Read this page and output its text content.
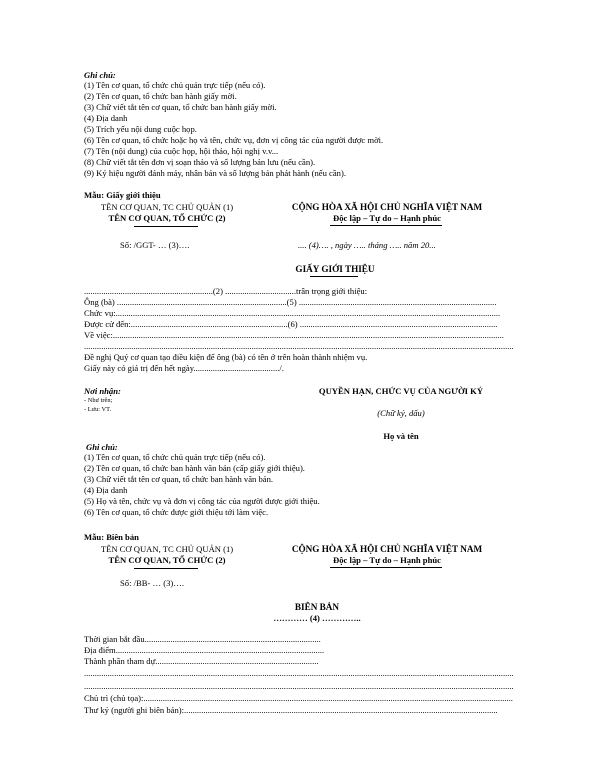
Ghi chú:
(1) Tên cơ quan, tổ chức chủ quản trực tiếp (nếu có).
(2) Tên cơ quan, tổ chức ban hành giấy mời.
(3) Chữ viết tắt tên cơ quan, tổ chức ban hành giấy mời.
(4) Địa danh
(5) Trích yếu nội dung cuộc họp.
(6) Tên cơ quan, tổ chức hoặc họ và tên, chức vụ, đơn vị công tác của người được mời.
(7) Tên (nội dung) của cuộc họp, hội thảo, hội nghị v.v...
(8) Chữ viết tắt tên đơn vị soạn thảo và số lượng bản lưu (nếu cần).
(9) Ký hiệu người đánh máy, nhân bản và số lượng bản phát hành (nếu cần).
Mẫu: Giấy giới thiệu
TÊN CƠ QUAN, TC CHỦ QUẢN (1)
TÊN CƠ QUAN, TỔ CHỨC (2)
CỘNG HÒA XÃ HỘI CHỦ NGHĨA VIỆT NAM
Độc lập – Tự do – Hạnh phúc
Số: /GGT- … (3)….	.... (4)…. , ngày ….. tháng ….. năm 20...
GIẤY GIỚI THIỆU
............................................................(2) .................................trân trọng giới thiệu:
Ông (bà) ...............................................................................(5) ............................................................................................
Chức vụ:...................................................................................................................................................................................
Được cử đến:.........................................................................(6) ............................................................................................
Về việc:......................................................................................................................................................................................
........................................................................................................................................................................................................
Đề nghị Quý cơ quan tạo điều kiện để ông (bà) có tên ở trên hoàn thành nhiệm vụ.
Giấy này có giá trị đến hết ngày......................................../.
Nơi nhận:
- Như trên;
- Lưu: VT.
QUYỀN HẠN, CHỨC VỤ CỦA NGƯỜI KÝ
(Chữ ký, dấu)
Họ và tên
Ghi chú:
(1) Tên cơ quan, tổ chức chủ quản trực tiếp (nếu có).
(2) Tên cơ quan, tổ chức ban hành văn bản (cấp giấy giới thiệu).
(3) Chữ viết tắt tên cơ quan, tổ chức ban hành văn bản.
(4) Địa danh
(5) Họ và tên, chức vụ và đơn vị công tác của người được giới thiệu.
(6) Tên cơ quan, tổ chức được giới thiệu tới làm việc.
Mẫu: Biên bản
TÊN CƠ QUAN, TC CHỦ QUẢN (1)
TÊN CƠ QUAN, TỔ CHỨC (2)
CỘNG HÒA XÃ HỘI CHỦ NGHĨA VIỆT NAM
Độc lập – Tự do – Hạnh phúc
Số: /BB- … (3)….
BIÊN BẢN
………… (4) …………..
Thời gian bắt đầu..................................................................................
Địa điểm.................................................................................................
Thành phần tham dự............................................................................
........................................................................................................................................................................................................
........................................................................................................................................................................................................
Chủ trì (chủ tọa):............................................................................................................................................................................
Thư ký (người ghi biên bản):..................................................................................................................................................
